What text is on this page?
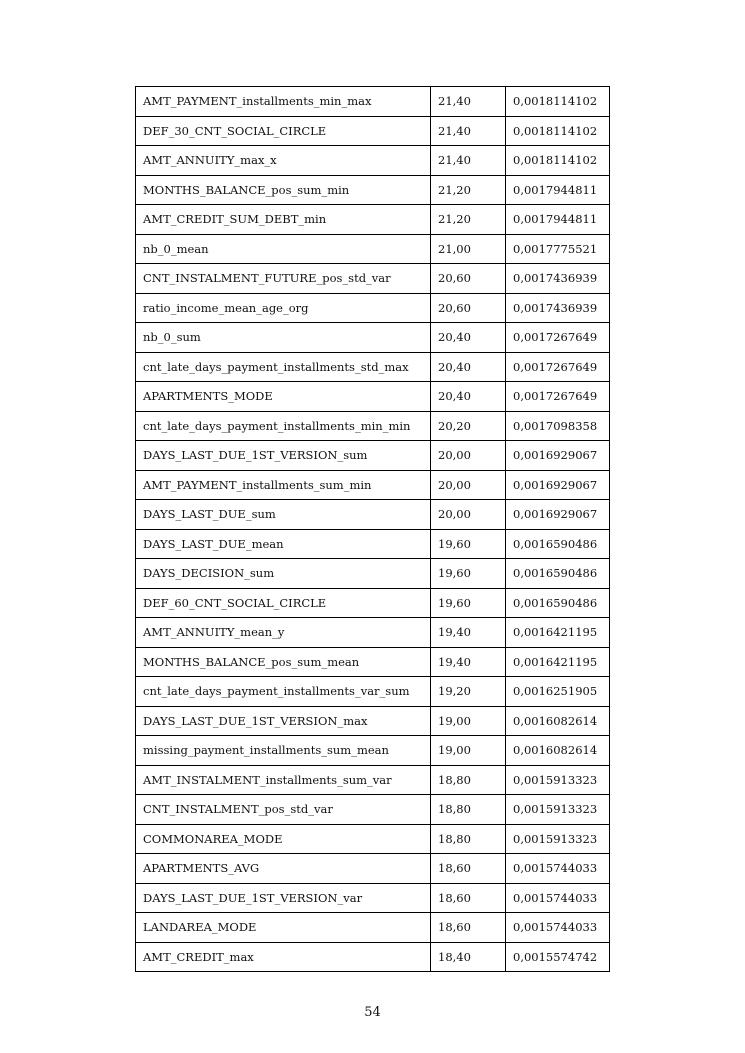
AMT_PAYMENT_installments_min_max	21,40	0,0018114102
DEF_30_CNT_SOCIAL_CIRCLE	21,40	0,0018114102
AMT_ANNUITY_max_x	21,40	0,0018114102
MONTHS_BALANCE_pos_sum_min	21,20	0,0017944811
AMT_CREDIT_SUM_DEBT_min	21,20	0,0017944811
nb_0_mean	21,00	0,0017775521
CNT_INSTALMENT_FUTURE_pos_std_var	20,60	0,0017436939
ratio_income_mean_age_org	20,60	0,0017436939
nb_0_sum	20,40	0,0017267649
cnt_late_days_payment_installments_std_max	20,40	0,0017267649
APARTMENTS_MODE	20,40	0,0017267649
cnt_late_days_payment_installments_min_min	20,20	0,0017098358
DAYS_LAST_DUE_1ST_VERSION_sum	20,00	0,0016929067
AMT_PAYMENT_installments_sum_min	20,00	0,0016929067
DAYS_LAST_DUE_sum	20,00	0,0016929067
DAYS_LAST_DUE_mean	19,60	0,0016590486
DAYS_DECISION_sum	19,60	0,0016590486
DEF_60_CNT_SOCIAL_CIRCLE	19,60	0,0016590486
AMT_ANNUITY_mean_y	19,40	0,0016421195
MONTHS_BALANCE_pos_sum_mean	19,40	0,0016421195
cnt_late_days_payment_installments_var_sum	19,20	0,0016251905
DAYS_LAST_DUE_1ST_VERSION_max	19,00	0,0016082614
missing_payment_installments_sum_mean	19,00	0,0016082614
AMT_INSTALMENT_installments_sum_var	18,80	0,0015913323
CNT_INSTALMENT_pos_std_var	18,80	0,0015913323
COMMONAREA_MODE	18,80	0,0015913323
APARTMENTS_AVG	18,60	0,0015744033
DAYS_LAST_DUE_1ST_VERSION_var	18,60	0,0015744033
LANDAREA_MODE	18,60	0,0015744033
AMT_CREDIT_max	18,40	0,0015574742
54
